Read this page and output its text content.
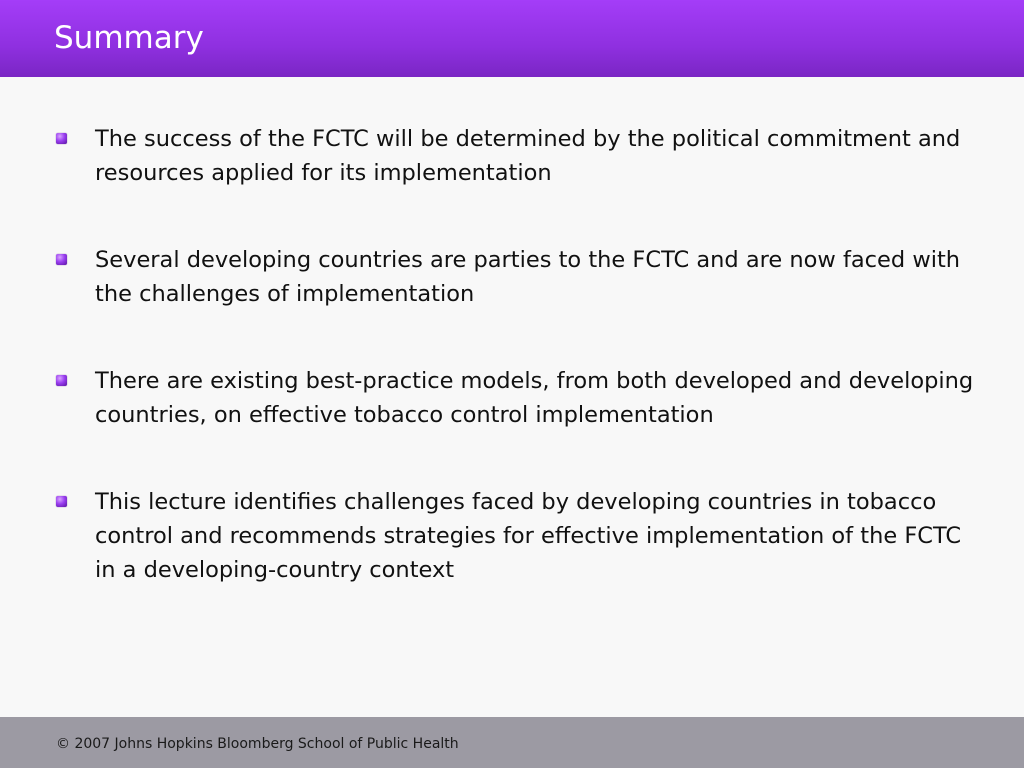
Summary
The success of the FCTC will be determined by the political commitment and resources applied for its implementation
Several developing countries are parties to the FCTC and are now faced with the challenges of implementation
There are existing best-practice models, from both developed and developing countries, on effective tobacco control implementation
This lecture identifies challenges faced by developing countries in tobacco control and recommends strategies for effective implementation of the FCTC in a developing-country context
© 2007 Johns Hopkins Bloomberg School of Public Health
